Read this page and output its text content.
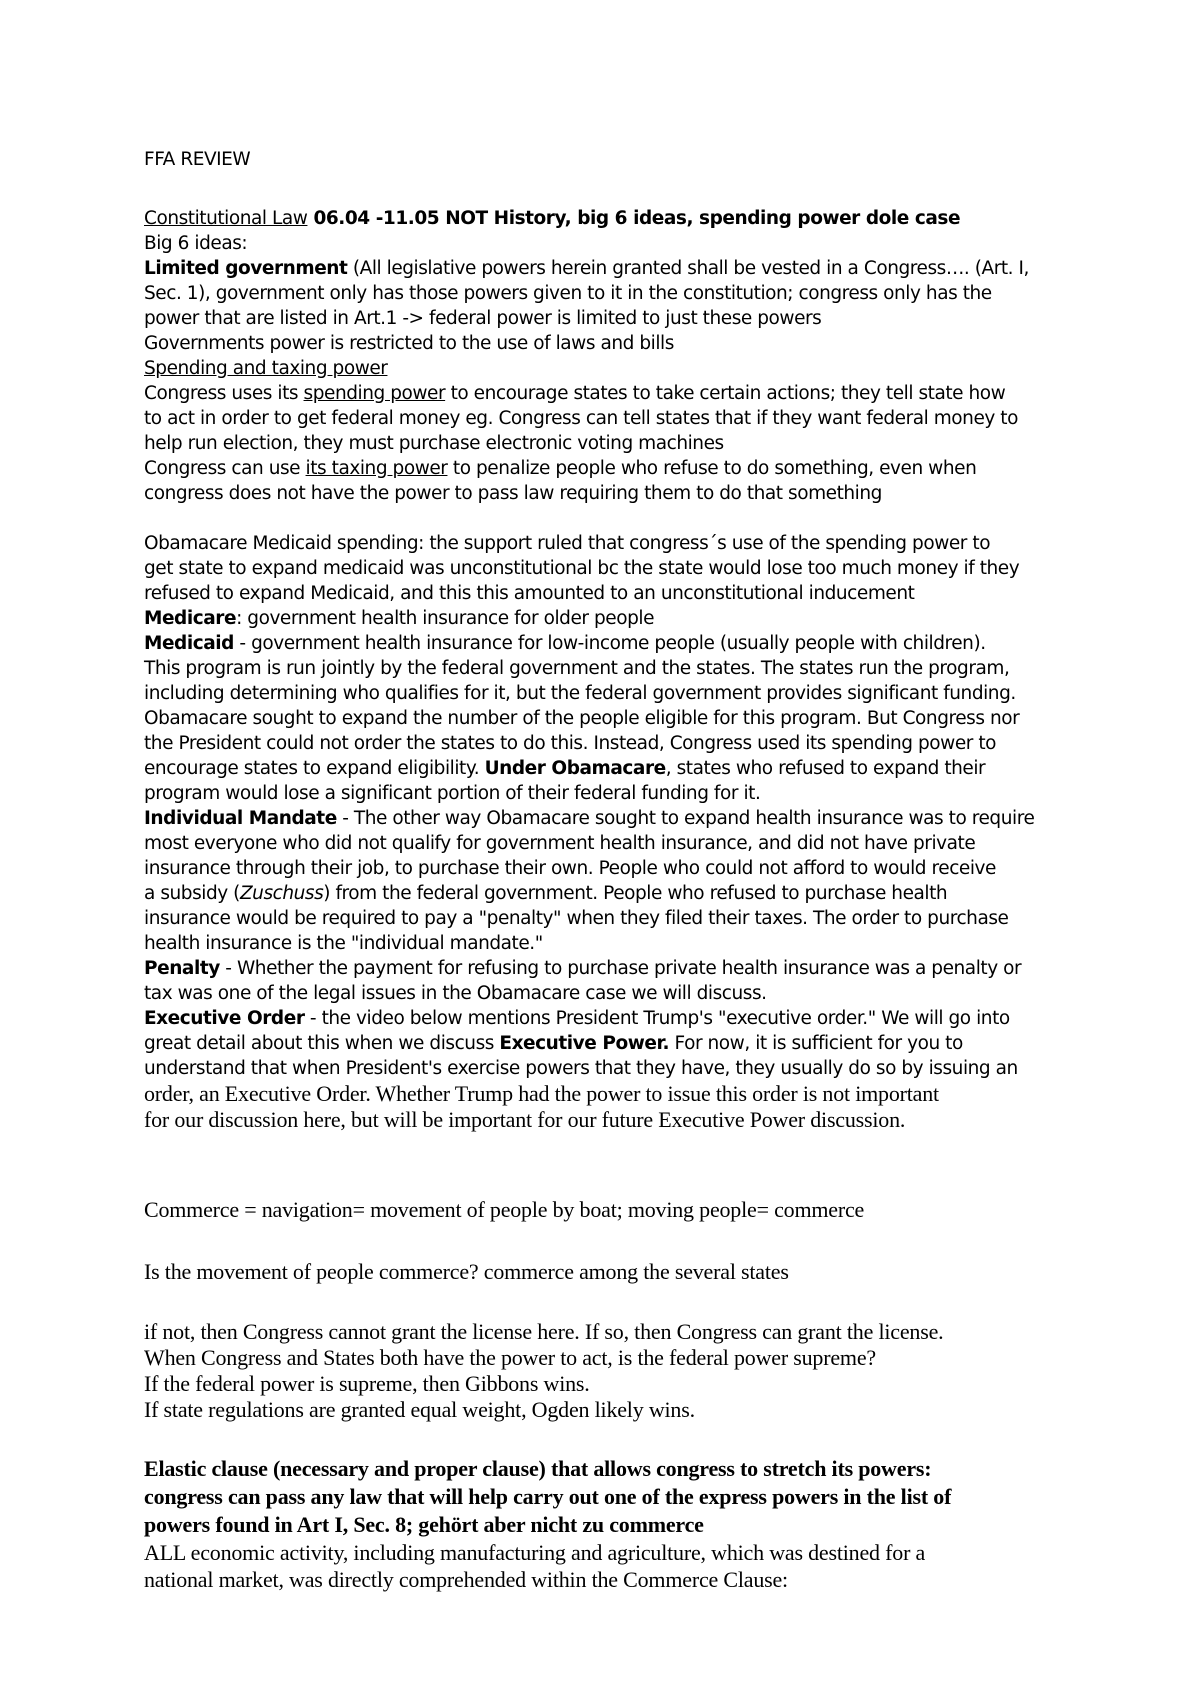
FFA REVIEW
Constitutional Law 06.04 -11.05 NOT History, big 6 ideas, spending power dole case
Big 6 ideas:
Limited government (All legislative powers herein granted shall be vested in a Congress…. (Art. I,
Sec. 1), government only has those powers given to it in the constitution; congress only has the
power that are listed in Art.1 -> federal power is limited to just these powers
Governments power is restricted to the use of laws and bills
Spending and taxing power
Congress uses its spending power to encourage states to take certain actions; they tell state how
to act in order to get federal money eg. Congress can tell states that if they want federal money to
help run election, they must purchase electronic voting machines
Congress can use its taxing power to penalize people who refuse to do something, even when
congress does not have the power to pass law requiring them to do that something
Obamacare Medicaid spending: the support ruled that congress´s use of the spending power to
get state to expand medicaid was unconstitutional bc the state would lose too much money if they
refused to expand Medicaid, and this this amounted to an unconstitutional inducement
Medicare: government health insurance for older people
Medicaid - government health insurance for low-income people (usually people with children).
This program is run jointly by the federal government and the states. The states run the program,
including determining who qualifies for it, but the federal government provides significant funding.
Obamacare sought to expand the number of the people eligible for this program. But Congress nor
the President could not order the states to do this. Instead, Congress used its spending power to
encourage states to expand eligibility. Under Obamacare, states who refused to expand their
program would lose a significant portion of their federal funding for it.
Individual Mandate - The other way Obamacare sought to expand health insurance was to require
most everyone who did not qualify for government health insurance, and did not have private
insurance through their job, to purchase their own. People who could not afford to would receive
a subsidy (Zuschuss) from the federal government. People who refused to purchase health
insurance would be required to pay a "penalty" when they filed their taxes. The order to purchase
health insurance is the "individual mandate."
Penalty - Whether the payment for refusing to purchase private health insurance was a penalty or
tax was one of the legal issues in the Obamacare case we will discuss.
Executive Order - the video below mentions President Trump's "executive order." We will go into
great detail about this when we discuss Executive Power. For now, it is sufficient for you to
understand that when President's exercise powers that they have, they usually do so by issuing an
order, an Executive Order. Whether Trump had the power to issue this order is not important
for our discussion here, but will be important for our future Executive Power discussion.
Commerce = navigation= movement of people by boat; moving people= commerce
Is the movement of people commerce? commerce among the several states
if not, then Congress cannot grant the license here. If so, then Congress can grant the license.
When Congress and States both have the power to act, is the federal power supreme?
If the federal power is supreme, then Gibbons wins.
If state regulations are granted equal weight, Ogden likely wins.
Elastic clause (necessary and proper clause) that allows congress to stretch its powers:
congress can pass any law that will help carry out one of the express powers in the list of
powers found in Art I, Sec. 8; gehört aber nicht zu commerce
ALL economic activity, including manufacturing and agriculture, which was destined for a
national market, was directly comprehended within the Commerce Clause:
